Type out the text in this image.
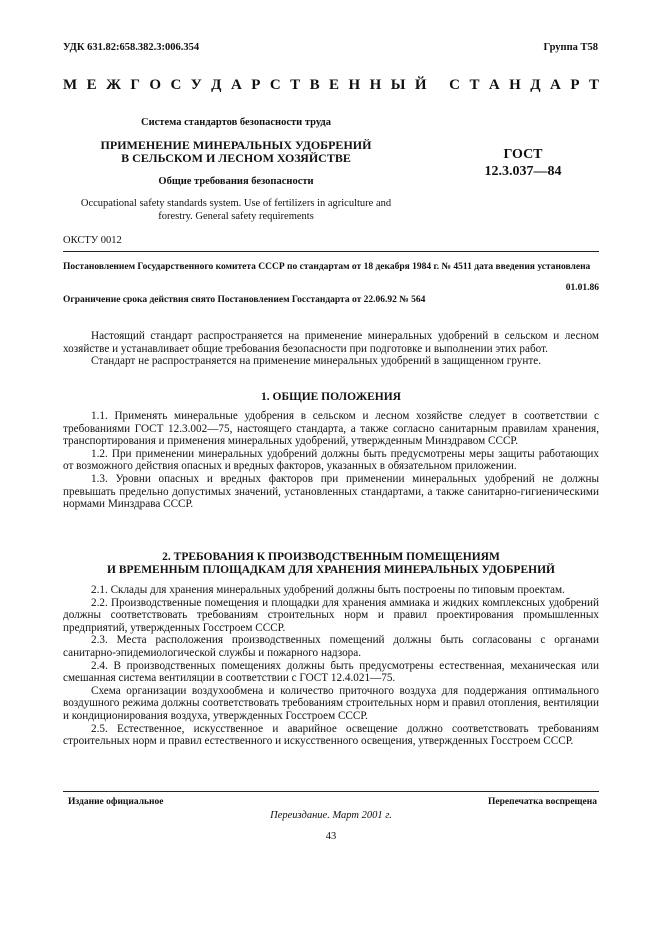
УДК 631.82:658.382.3:006.354	Группа Т58
М Е Ж Г О С У Д А Р С Т В Е Н Н Ы Й
С Т А Н Д А Р Т
Система стандартов безопасности труда
ПРИМЕНЕНИЕ МИНЕРАЛЬНЫХ УДОБРЕНИЙ
В СЕЛЬСКОМ И ЛЕСНОМ ХОЗЯЙСТВЕ
Общие требования безопасности
ГОСТ
12.3.037—84
Occupational safety standards system. Use of fertilizers in agriculture and
forestry. General safety requirements
ОКСТУ 0012
Постановлением Государственного комитета СССР по стандартам от 18 декабря 1984 г. № 4511 дата введения установлена
01.01.86
Ограничение срока действия снято Постановлением Госстандарта от 22.06.92 № 564

Настоящий стандарт распространяется на применение минеральных удобрений в сельском и лесном хозяйстве и устанавливает общие требования безопасности при подготовке и выполнении этих работ.

Стандарт не распространяется на применение минеральных удобрений в защищенном грунте.

1. ОБЩИЕ ПОЛОЖЕНИЯ

1.1. Применять минеральные удобрения в сельском и лесном хозяйстве следует в соответствии с требованиями ГОСТ 12.3.002—75, настоящего стандарта, а также согласно санитарным правилам хранения, транспортирования и применения минеральных удобрений, утвержденным Минздравом СССР.

1.2. При применении минеральных удобрений должны быть предусмотрены меры защиты работающих от возможного действия опасных и вредных факторов, указанных в обязательном приложении.

1.3. Уровни опасных и вредных факторов при применении минеральных удобрений не должны превышать предельно допустимых значений, установленных стандартами, а также санитарно-гигиеническими нормами Минздрава СССР.

2. ТРЕБОВАНИЯ К ПРОИЗВОДСТВЕННЫМ ПОМЕЩЕНИЯМ
И ВРЕМЕННЫМ ПЛОЩАДКАМ ДЛЯ ХРАНЕНИЯ МИНЕРАЛЬНЫХ УДОБРЕНИЙ

2.1. Склады для хранения минеральных удобрений должны быть построены по типовым проектам.

2.2. Производственные помещения и площадки для хранения аммиака и жидких комплексных удобрений должны соответствовать требованиям строительных норм и правил проектирования промышленных предприятий, утвержденных Госстроем СССР.

2.3. Места расположения производственных помещений должны быть согласованы с органами санитарно-эпидемиологической службы и пожарного надзора.

2.4. В производственных помещениях должны быть предусмотрены естественная, механическая или смешанная система вентиляции в соответствии с ГОСТ 12.4.021—75.

Схема организации воздухообмена и количество приточного воздуха для поддержания оптимального воздушного режима должны соответствовать требованиям строительных норм и правил отопления, вентиляции и кондиционирования воздуха, утвержденных Госстроем СССР.

2.5. Естественное, искусственное и аварийное освещение должно соответствовать требованиям строительных норм и правил естественного и искусственного освещения, утвержденных Госстроем СССР.

Издание официальное	Перепечатка воспрещена
Переиздание. Март 2001 г.
43
